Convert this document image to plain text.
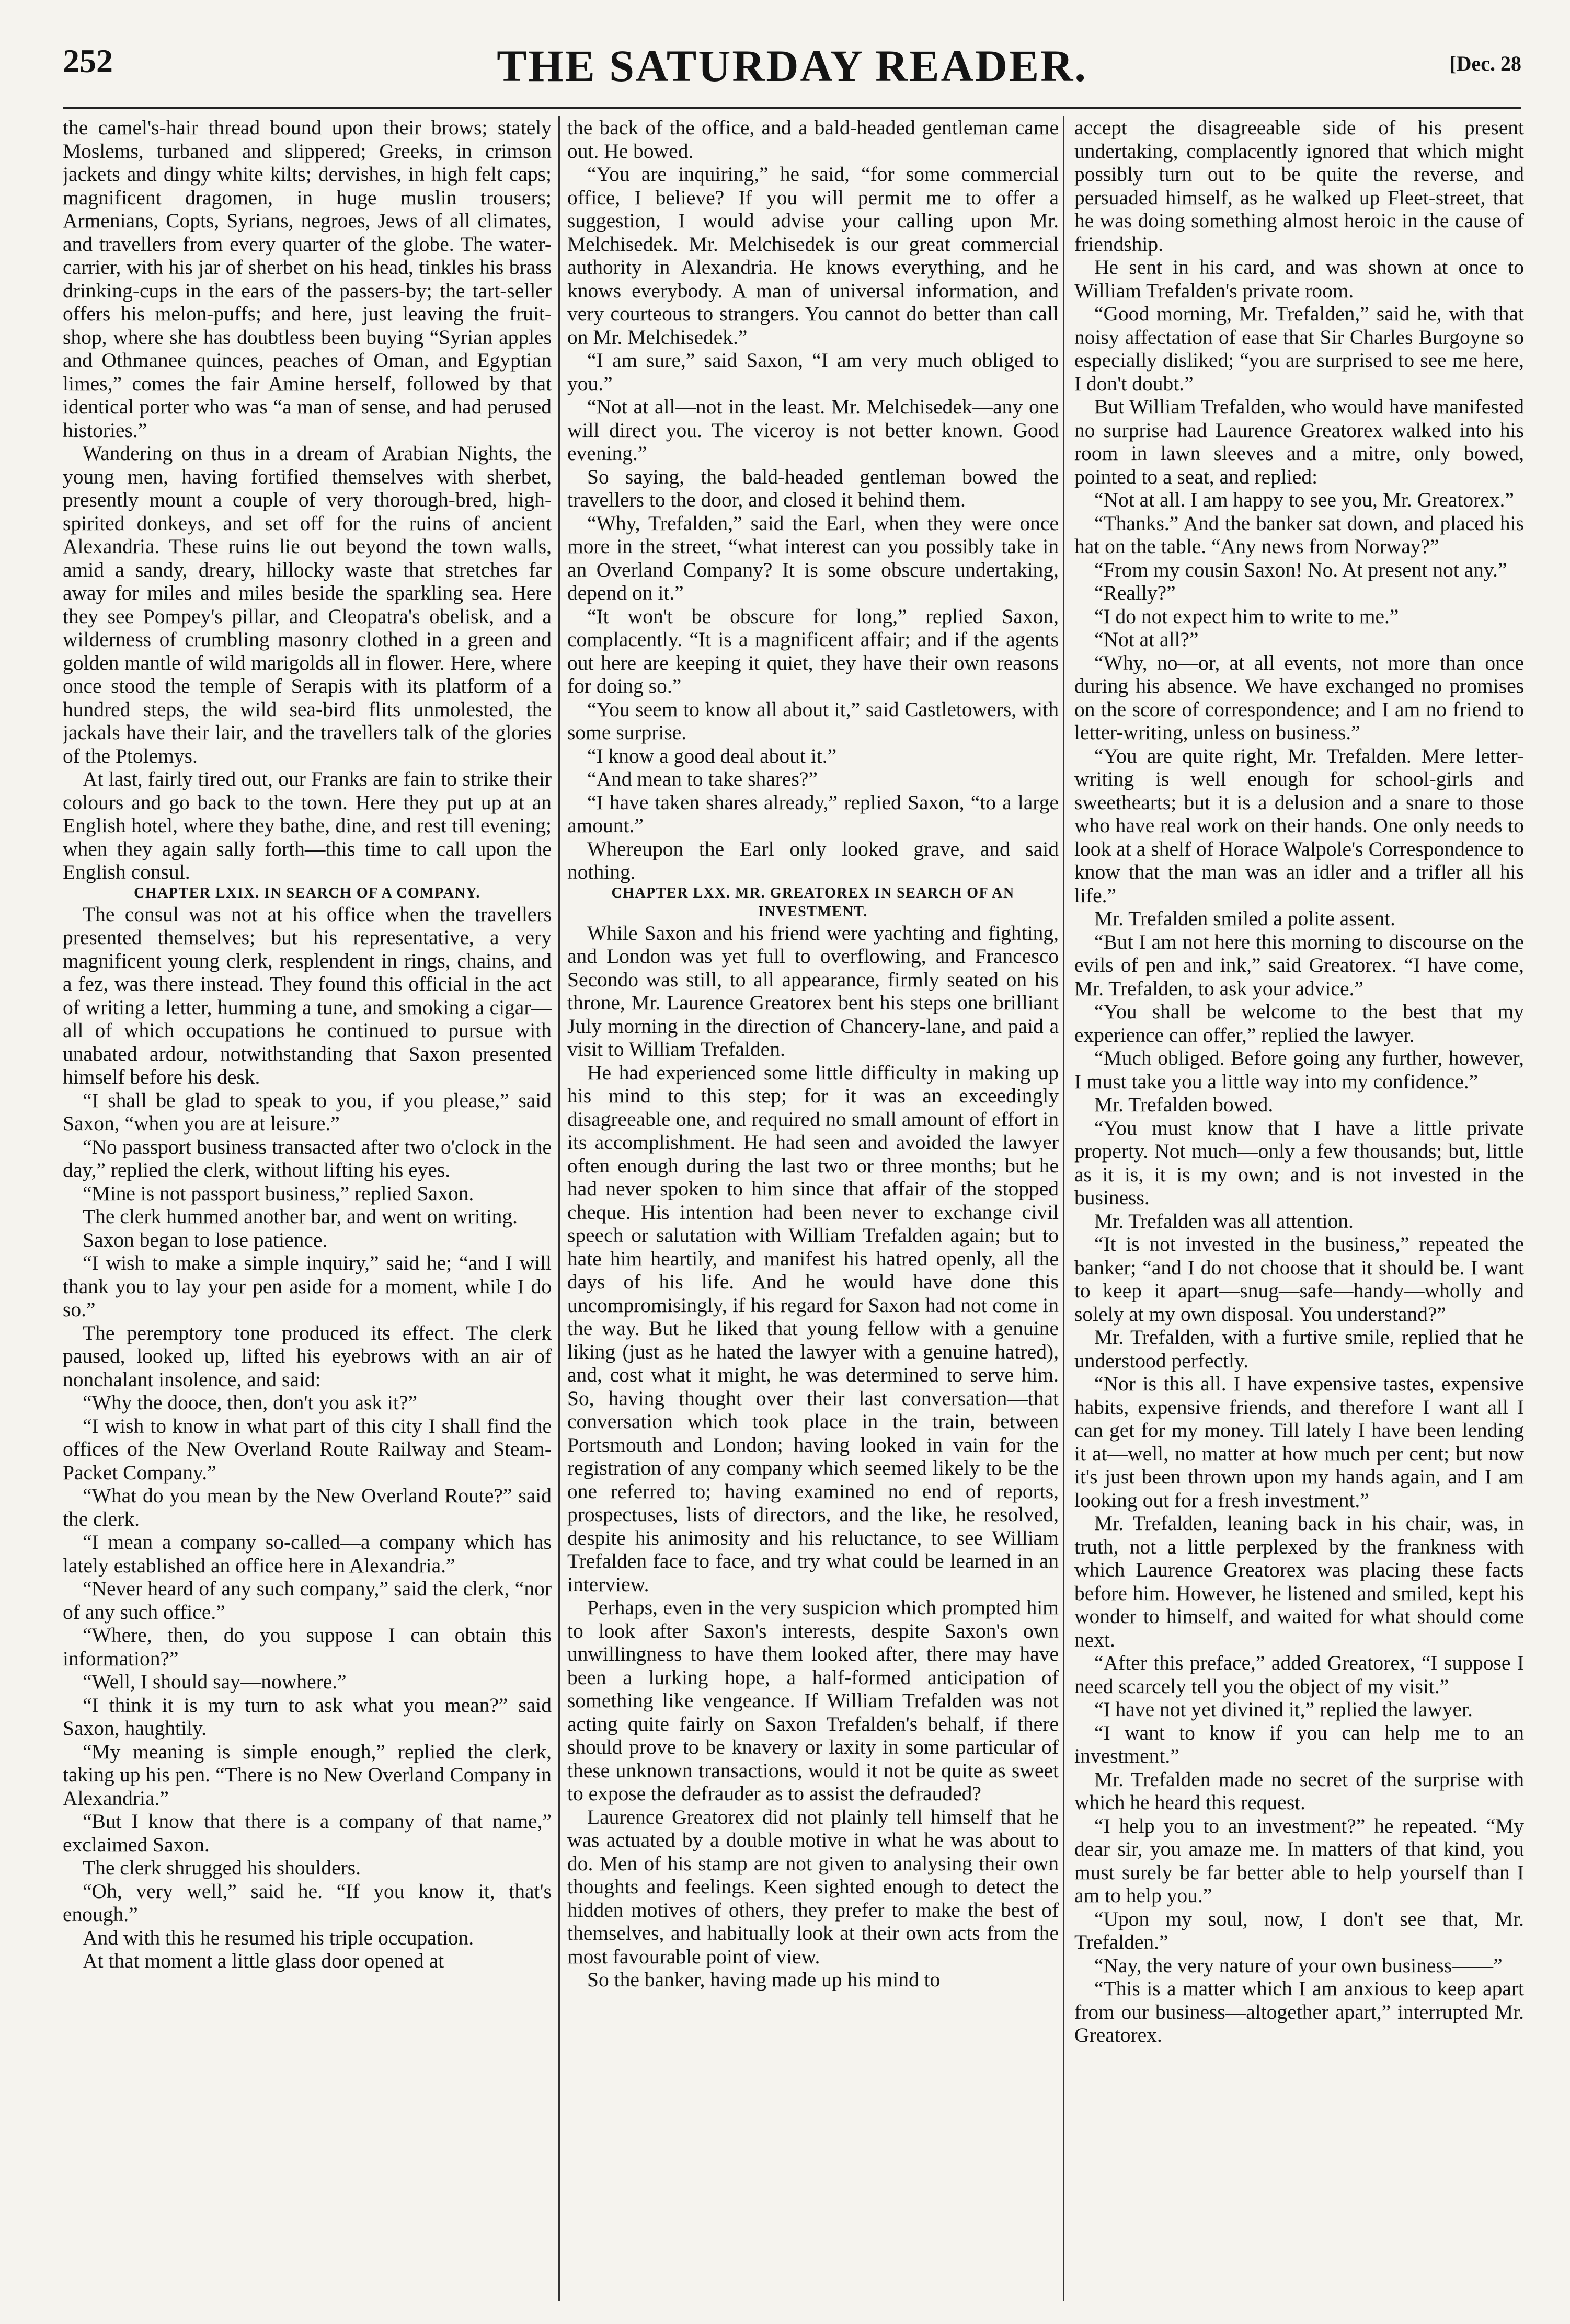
252	THE SATURDAY READER.	[Dec. 28

the camel's-hair thread bound upon their brows; stately Moslems, turbaned and slippered; Greeks, in crimson jackets and dingy white kilts; dervishes, in high felt caps; magnificent dragomen, in huge muslin trousers; Armenians, Copts, Syrians, negroes, Jews of all climates, and travellers from every quarter of the globe. The water-carrier, with his jar of sherbet on his head, tinkles his brass drinking-cups in the ears of the passers-by; the tart-seller offers his melon-puffs; and here, just leaving the fruit-shop, where she has doubtless been buying “Syrian apples and Othmanee quinces, peaches of Oman, and Egyptian limes,” comes the fair Amine herself, followed by that identical porter who was “a man of sense, and had perused histories.”

Wandering on thus in a dream of Arabian Nights, the young men, having fortified themselves with sherbet, presently mount a couple of very thorough-bred, high-spirited donkeys, and set off for the ruins of ancient Alexandria. These ruins lie out beyond the town walls, amid a sandy, dreary, hillocky waste that stretches far away for miles and miles beside the sparkling sea. Here they see Pompey's pillar, and Cleopatra's obelisk, and a wilderness of crumbling masonry clothed in a green and golden mantle of wild marigolds all in flower. Here, where once stood the temple of Serapis with its platform of a hundred steps, the wild sea-bird flits unmolested, the jackals have their lair, and the travellers talk of the glories of the Ptolemys.

At last, fairly tired out, our Franks are fain to strike their colours and go back to the town. Here they put up at an English hotel, where they bathe, dine, and rest till evening; when they again sally forth—this time to call upon the English consul.

CHAPTER LXIX. IN SEARCH OF A COMPANY.

The consul was not at his office when the travellers presented themselves; but his representative, a very magnificent young clerk, resplendent in rings, chains, and a fez, was there instead. They found this official in the act of writing a letter, humming a tune, and smoking a cigar—all of which occupations he continued to pursue with unabated ardour, notwithstanding that Saxon presented himself before his desk.

“I shall be glad to speak to you, if you please,” said Saxon, “when you are at leisure.”

“No passport business transacted after two o'clock in the day,” replied the clerk, without lifting his eyes.

“Mine is not passport business,” replied Saxon.

The clerk hummed another bar, and went on writing.

Saxon began to lose patience.

“I wish to make a simple inquiry,” said he; “and I will thank you to lay your pen aside for a moment, while I do so.”

The peremptory tone produced its effect. The clerk paused, looked up, lifted his eyebrows with an air of nonchalant insolence, and said:

“Why the dooce, then, don't you ask it?”

“I wish to know in what part of this city I shall find the offices of the New Overland Route Railway and Steam-Packet Company.”

“What do you mean by the New Overland Route?” said the clerk.

“I mean a company so-called—a company which has lately established an office here in Alexandria.”

“Never heard of any such company,” said the clerk, “nor of any such office.”

“Where, then, do you suppose I can obtain this information?”

“Well, I should say—nowhere.”

“I think it is my turn to ask what you mean?” said Saxon, haughtily.

“My meaning is simple enough,” replied the clerk, taking up his pen. “There is no New Overland Company in Alexandria.”

“But I know that there is a company of that name,” exclaimed Saxon.

The clerk shrugged his shoulders.

“Oh, very well,” said he. “If you know it, that's enough.”

And with this he resumed his triple occupation.

At that moment a little glass door opened at

the back of the office, and a bald-headed gentleman came out. He bowed.

“You are inquiring,” he said, “for some commercial office, I believe? If you will permit me to offer a suggestion, I would advise your calling upon Mr. Melchisedek. Mr. Melchisedek is our great commercial authority in Alexandria. He knows everything, and he knows everybody. A man of universal information, and very courteous to strangers. You cannot do better than call on Mr. Melchisedek.”

“I am sure,” said Saxon, “I am very much obliged to you.”

“Not at all—not in the least. Mr. Melchisedek—any one will direct you. The viceroy is not better known. Good evening.”

So saying, the bald-headed gentleman bowed the travellers to the door, and closed it behind them.

“Why, Trefalden,” said the Earl, when they were once more in the street, “what interest can you possibly take in an Overland Company? It is some obscure undertaking, depend on it.”

“It won't be obscure for long,” replied Saxon, complacently. “It is a magnificent affair; and if the agents out here are keeping it quiet, they have their own reasons for doing so.”

“You seem to know all about it,” said Castletowers, with some surprise.

“I know a good deal about it.”

“And mean to take shares?”

“I have taken shares already,” replied Saxon, “to a large amount.”

Whereupon the Earl only looked grave, and said nothing.

CHAPTER LXX. MR. GREATOREX IN SEARCH OF AN INVESTMENT.

While Saxon and his friend were yachting and fighting, and London was yet full to overflowing, and Francesco Secondo was still, to all appearance, firmly seated on his throne, Mr. Laurence Greatorex bent his steps one brilliant July morning in the direction of Chancery-lane, and paid a visit to William Trefalden.

He had experienced some little difficulty in making up his mind to this step; for it was an exceedingly disagreeable one, and required no small amount of effort in its accomplishment. He had seen and avoided the lawyer often enough during the last two or three months; but he had never spoken to him since that affair of the stopped cheque. His intention had been never to exchange civil speech or salutation with William Trefalden again; but to hate him heartily, and manifest his hatred openly, all the days of his life. And he would have done this uncompromisingly, if his regard for Saxon had not come in the way. But he liked that young fellow with a genuine liking (just as he hated the lawyer with a genuine hatred), and, cost what it might, he was determined to serve him. So, having thought over their last conversation—that conversation which took place in the train, between Portsmouth and London; having looked in vain for the registration of any company which seemed likely to be the one referred to; having examined no end of reports, prospectuses, lists of directors, and the like, he resolved, despite his animosity and his reluctance, to see William Trefalden face to face, and try what could be learned in an interview.

Perhaps, even in the very suspicion which prompted him to look after Saxon's interests, despite Saxon's own unwillingness to have them looked after, there may have been a lurking hope, a half-formed anticipation of something like vengeance. If William Trefalden was not acting quite fairly on Saxon Trefalden's behalf, if there should prove to be knavery or laxity in some particular of these unknown transactions, would it not be quite as sweet to expose the defrauder as to assist the defrauded?

Laurence Greatorex did not plainly tell himself that he was actuated by a double motive in what he was about to do. Men of his stamp are not given to analysing their own thoughts and feelings. Keen sighted enough to detect the hidden motives of others, they prefer to make the best of themselves, and habitually look at their own acts from the most favourable point of view.

So the banker, having made up his mind to

accept the disagreeable side of his present undertaking, complacently ignored that which might possibly turn out to be quite the reverse, and persuaded himself, as he walked up Fleet-street, that he was doing something almost heroic in the cause of friendship.

He sent in his card, and was shown at once to William Trefalden's private room.

“Good morning, Mr. Trefalden,” said he, with that noisy affectation of ease that Sir Charles Burgoyne so especially disliked; “you are surprised to see me here, I don't doubt.”

But William Trefalden, who would have manifested no surprise had Laurence Greatorex walked into his room in lawn sleeves and a mitre, only bowed, pointed to a seat, and replied:

“Not at all. I am happy to see you, Mr. Greatorex.”

“Thanks.” And the banker sat down, and placed his hat on the table. “Any news from Norway?”

“From my cousin Saxon! No. At present not any.”

“Really?”

“I do not expect him to write to me.”

“Not at all?”

“Why, no—or, at all events, not more than once during his absence. We have exchanged no promises on the score of correspondence; and I am no friend to letter-writing, unless on business.”

“You are quite right, Mr. Trefalden. Mere letter-writing is well enough for school-girls and sweethearts; but it is a delusion and a snare to those who have real work on their hands. One only needs to look at a shelf of Horace Walpole's Correspondence to know that the man was an idler and a trifler all his life.”

Mr. Trefalden smiled a polite assent.

“But I am not here this morning to discourse on the evils of pen and ink,” said Greatorex. “I have come, Mr. Trefalden, to ask your advice.”

“You shall be welcome to the best that my experience can offer,” replied the lawyer.

“Much obliged. Before going any further, however, I must take you a little way into my confidence.”

Mr. Trefalden bowed.

“You must know that I have a little private property. Not much—only a few thousands; but, little as it is, it is my own; and is not invested in the business.

Mr. Trefalden was all attention.

“It is not invested in the business,” repeated the banker; “and I do not choose that it should be. I want to keep it apart—snug—safe—handy—wholly and solely at my own disposal. You understand?”

Mr. Trefalden, with a furtive smile, replied that he understood perfectly.

“Nor is this all. I have expensive tastes, expensive habits, expensive friends, and therefore I want all I can get for my money. Till lately I have been lending it at—well, no matter at how much per cent; but now it's just been thrown upon my hands again, and I am looking out for a fresh investment.”

Mr. Trefalden, leaning back in his chair, was, in truth, not a little perplexed by the frankness with which Laurence Greatorex was placing these facts before him. However, he listened and smiled, kept his wonder to himself, and waited for what should come next.

“After this preface,” added Greatorex, “I suppose I need scarcely tell you the object of my visit.”

“I have not yet divined it,” replied the lawyer.

“I want to know if you can help me to an investment.”

Mr. Trefalden made no secret of the surprise with which he heard this request.

“I help you to an investment?” he repeated. “My dear sir, you amaze me. In matters of that kind, you must surely be far better able to help yourself than I am to help you.”

“Upon my soul, now, I don't see that, Mr. Trefalden.”

“Nay, the very nature of your own business——”

“This is a matter which I am anxious to keep apart from our business—altogether apart,” interrupted Mr. Greatorex.
